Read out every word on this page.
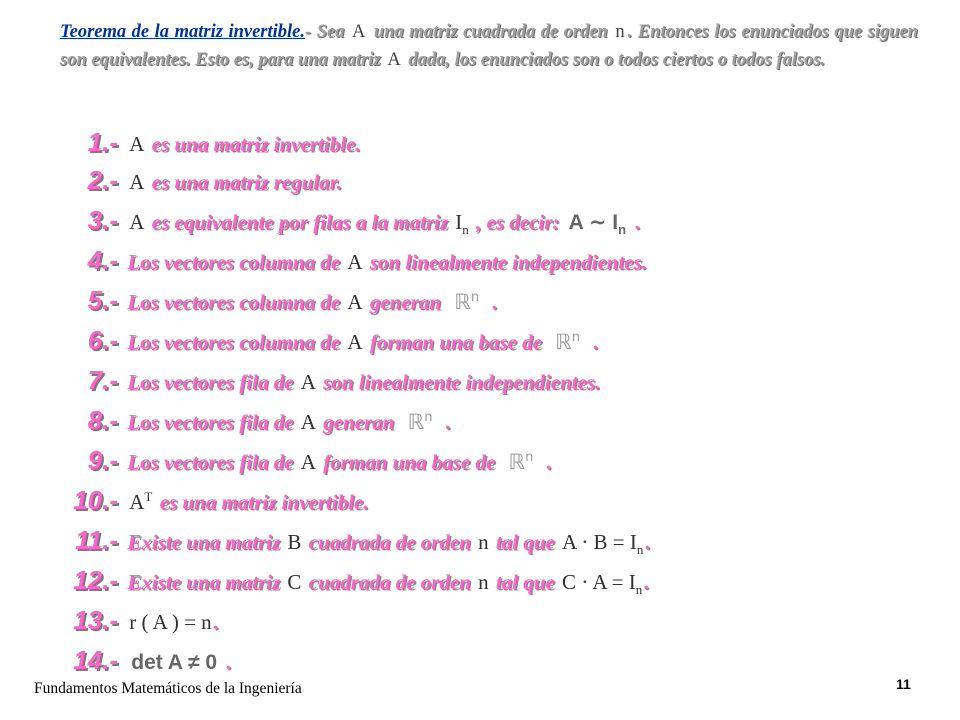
Teorema de la matriz invertible.- Sea A una matriz cuadrada de orden n . Entonces los enunciados que siguen son equivalentes. Esto es, para una matriz A dada, los enunciados son o todos ciertos o todos falsos.

1.- A es una matriz invertible.
2.- A es una matriz regular.
3.- A es equivalente por filas a la matriz $I_n$ , es decir: A ∼ $I_n$ .
4.- Los vectores columna de A son linealmente independientes.
5.- Los vectores columna de A generan ℝ$^n$ .
6.- Los vectores columna de A forman una base de ℝ$^n$ .
7.- Los vectores fila de A son linealmente independientes.
8.- Los vectores fila de A generan ℝ$^n$ .
9.- Los vectores fila de A forman una base de ℝ$^n$ .
10.- $A^T$ es una matriz invertible.
11.- Existe una matriz B cuadrada de orden n tal que $A \cdot B = I_n$.
12.- Existe una matriz C cuadrada de orden n tal que $C \cdot A = I_n$.
13.- r ( A ) = n.
14.- det A ≠ 0 .
Fundamentos Matemáticos de la Ingeniería	11
